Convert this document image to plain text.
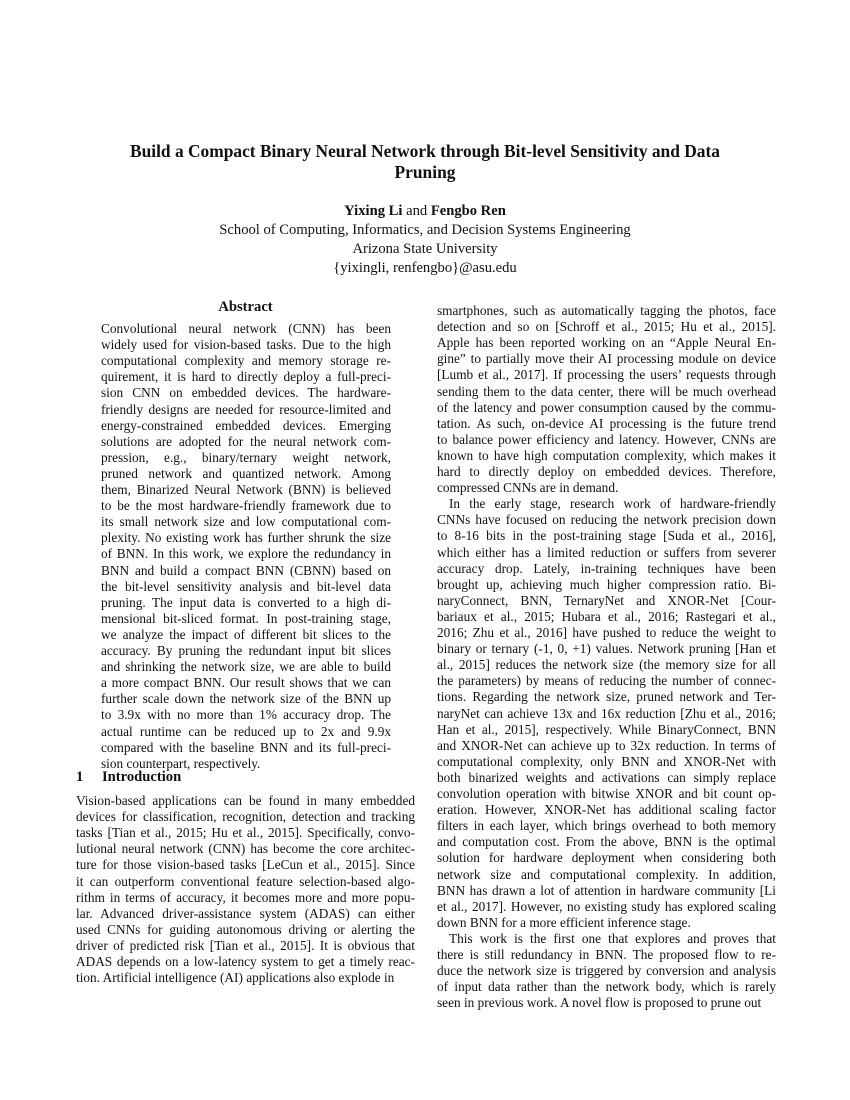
Build a Compact Binary Neural Network through Bit-level Sensitivity and Data
Pruning
Yixing Li and Fengbo Ren
School of Computing, Informatics, and Decision Systems Engineering
Arizona State University
{yixingli, renfengbo}@asu.edu
Abstract
Convolutional neural network (CNN) has been
widely used for vision-based tasks. Due to the high
computational complexity and memory storage re-
quirement, it is hard to directly deploy a full-preci-
sion CNN on embedded devices. The hardware-
friendly designs are needed for resource-limited and
energy-constrained embedded devices. Emerging
solutions are adopted for the neural network com-
pression, e.g., binary/ternary weight network,
pruned network and quantized network. Among
them, Binarized Neural Network (BNN) is believed
to be the most hardware-friendly framework due to
its small network size and low computational com-
plexity. No existing work has further shrunk the size
of BNN. In this work, we explore the redundancy in
BNN and build a compact BNN (CBNN) based on
the bit-level sensitivity analysis and bit-level data
pruning. The input data is converted to a high di-
mensional bit-sliced format. In post-training stage,
we analyze the impact of different bit slices to the
accuracy. By pruning the redundant input bit slices
and shrinking the network size, we are able to build
a more compact BNN. Our result shows that we can
further scale down the network size of the BNN up
to 3.9x with no more than 1% accuracy drop. The
actual runtime can be reduced up to 2x and 9.9x
compared with the baseline BNN and its full-preci-
sion counterpart, respectively.
1 Introduction
Vision-based applications can be found in many embedded
devices for classification, recognition, detection and tracking
tasks [Tian et al., 2015; Hu et al., 2015]. Specifically, convo-
lutional neural network (CNN) has become the core architec-
ture for those vision-based tasks [LeCun et al., 2015]. Since
it can outperform conventional feature selection-based algo-
rithm in terms of accuracy, it becomes more and more popu-
lar. Advanced driver-assistance system (ADAS) can either
used CNNs for guiding autonomous driving or alerting the
driver of predicted risk [Tian et al., 2015]. It is obvious that
ADAS depends on a low-latency system to get a timely reac-
tion. Artificial intelligence (AI) applications also explode in
smartphones, such as automatically tagging the photos, face
detection and so on [Schroff et al., 2015; Hu et al., 2015].
Apple has been reported working on an “Apple Neural En-
gine” to partially move their AI processing module on device
[Lumb et al., 2017]. If processing the users’ requests through
sending them to the data center, there will be much overhead
of the latency and power consumption caused by the commu-
tation. As such, on-device AI processing is the future trend
to balance power efficiency and latency. However, CNNs are
known to have high computation complexity, which makes it
hard to directly deploy on embedded devices. Therefore,
compressed CNNs are in demand.
In the early stage, research work of hardware-friendly
CNNs have focused on reducing the network precision down
to 8-16 bits in the post-training stage [Suda et al., 2016],
which either has a limited reduction or suffers from severer
accuracy drop. Lately, in-training techniques have been
brought up, achieving much higher compression ratio. Bi-
naryConnect, BNN, TernaryNet and XNOR-Net [Cour-
bariaux et al., 2015; Hubara et al., 2016; Rastegari et al.,
2016; Zhu et al., 2016] have pushed to reduce the weight to
binary or ternary (-1, 0, +1) values. Network pruning [Han et
al., 2015] reduces the network size (the memory size for all
the parameters) by means of reducing the number of connec-
tions. Regarding the network size, pruned network and Ter-
naryNet can achieve 13x and 16x reduction [Zhu et al., 2016;
Han et al., 2015], respectively. While BinaryConnect, BNN
and XNOR-Net can achieve up to 32x reduction. In terms of
computational complexity, only BNN and XNOR-Net with
both binarized weights and activations can simply replace
convolution operation with bitwise XNOR and bit count op-
eration. However, XNOR-Net has additional scaling factor
filters in each layer, which brings overhead to both memory
and computation cost. From the above, BNN is the optimal
solution for hardware deployment when considering both
network size and computational complexity. In addition,
BNN has drawn a lot of attention in hardware community [Li
et al., 2017]. However, no existing study has explored scaling
down BNN for a more efficient inference stage.
This work is the first one that explores and proves that
there is still redundancy in BNN. The proposed flow to re-
duce the network size is triggered by conversion and analysis
of input data rather than the network body, which is rarely
seen in previous work. A novel flow is proposed to prune out
